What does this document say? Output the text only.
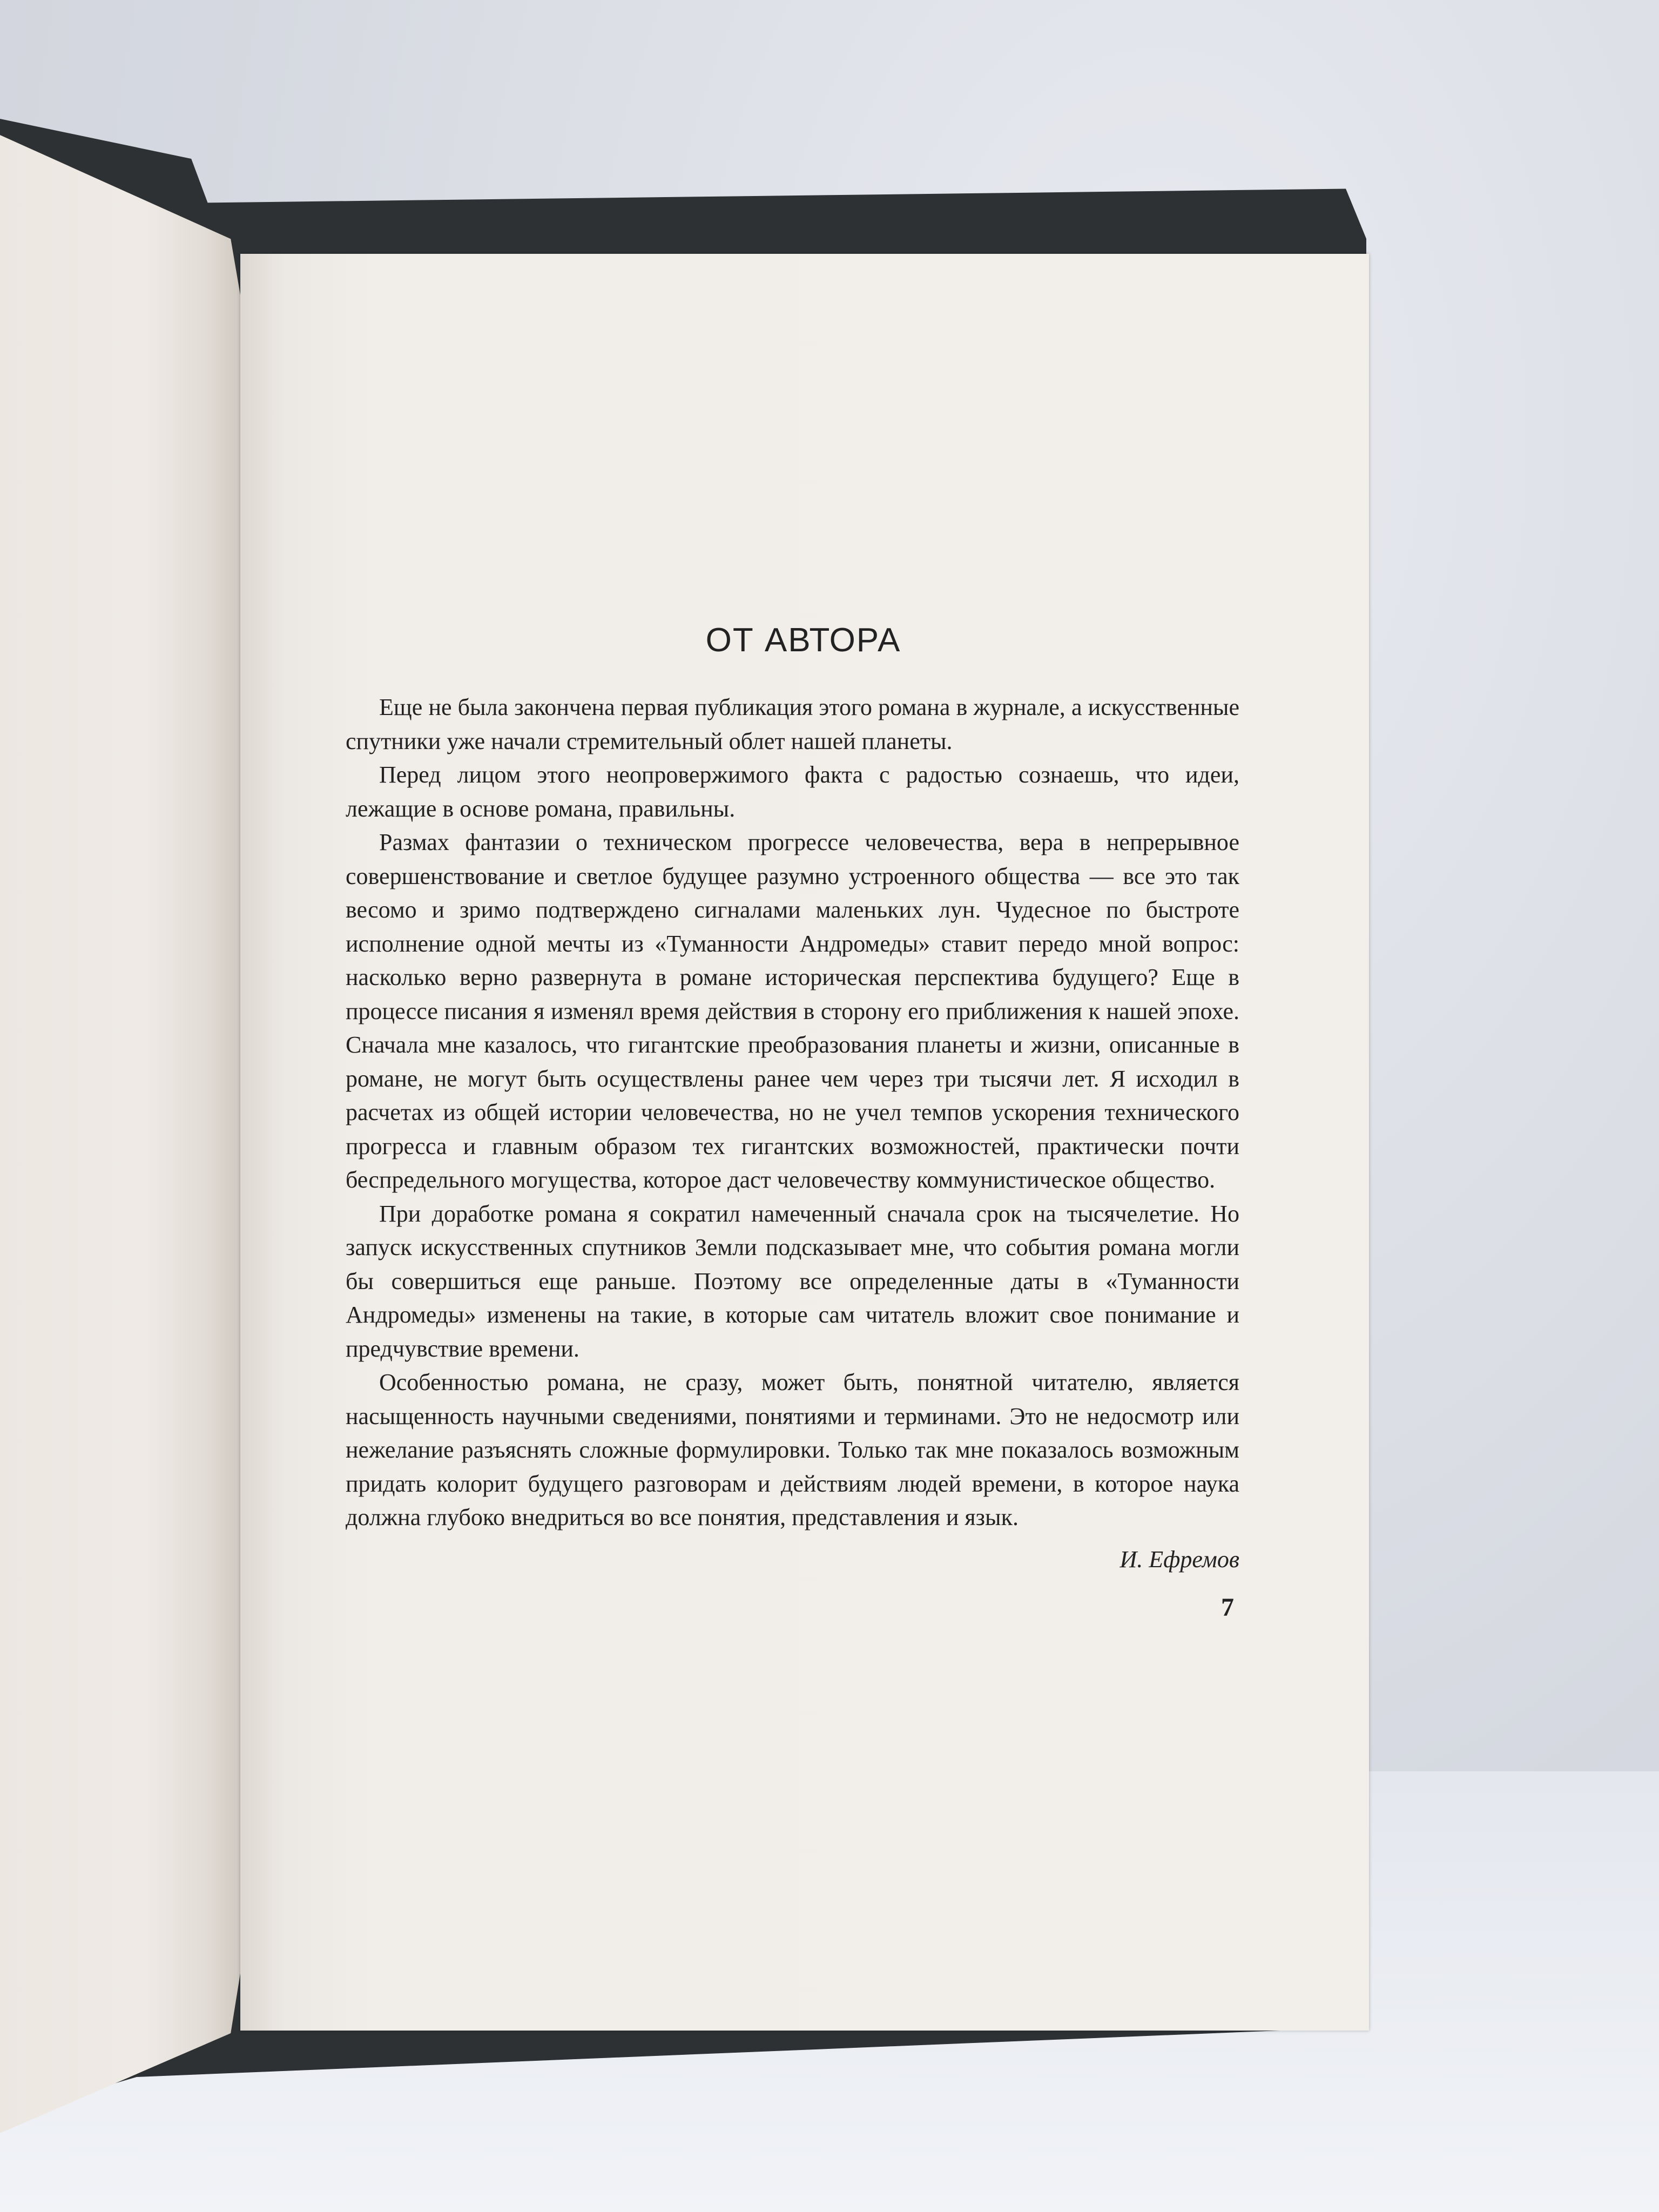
ОТ АВТОРА

Еще не была закончена первая публикация этого романа в журнале, а искусственные спутники уже начали стремительный облет нашей планеты.

Перед лицом этого неопровержимого факта с радостью сознаешь, что идеи, лежащие в основе романа, правильны.

Размах фантазии о техническом прогрессе человечества, вера в непрерывное совершенствование и светлое будущее разумно устроенного общества — все это так весомо и зримо подтверждено сигналами маленьких лун. Чудесное по быстроте исполнение одной мечты из «Туманности Андромеды» ставит передо мной вопрос: насколько верно развернута в романе историческая перспектива будущего? Еще в процессе писания я изменял время действия в сторону его приближения к нашей эпохе. Сначала мне казалось, что гигантские преобразования планеты и жизни, описанные в романе, не могут быть осуществлены ранее чем через три тысячи лет. Я исходил в расчетах из общей истории человечества, но не учел темпов ускорения технического прогресса и главным образом тех гигантских возможностей, практически почти беспредельного могущества, которое даст человечеству коммунистическое общество.

При доработке романа я сократил намеченный сначала срок на тысячелетие. Но запуск искусственных спутников Земли подсказывает мне, что события романа могли бы совершиться еще раньше. Поэтому все определенные даты в «Туманности Андромеды» изменены на такие, в которые сам читатель вложит свое понимание и предчувствие времени.

Особенностью романа, не сразу, может быть, понятной читателю, является насыщенность научными сведениями, понятиями и терминами. Это не недосмотр или нежелание разъяснять сложные формулировки. Только так мне показалось возможным придать колорит будущего разговорам и действиям людей времени, в которое наука должна глубоко внедриться во все понятия, представления и язык.

И. Ефремов
7
